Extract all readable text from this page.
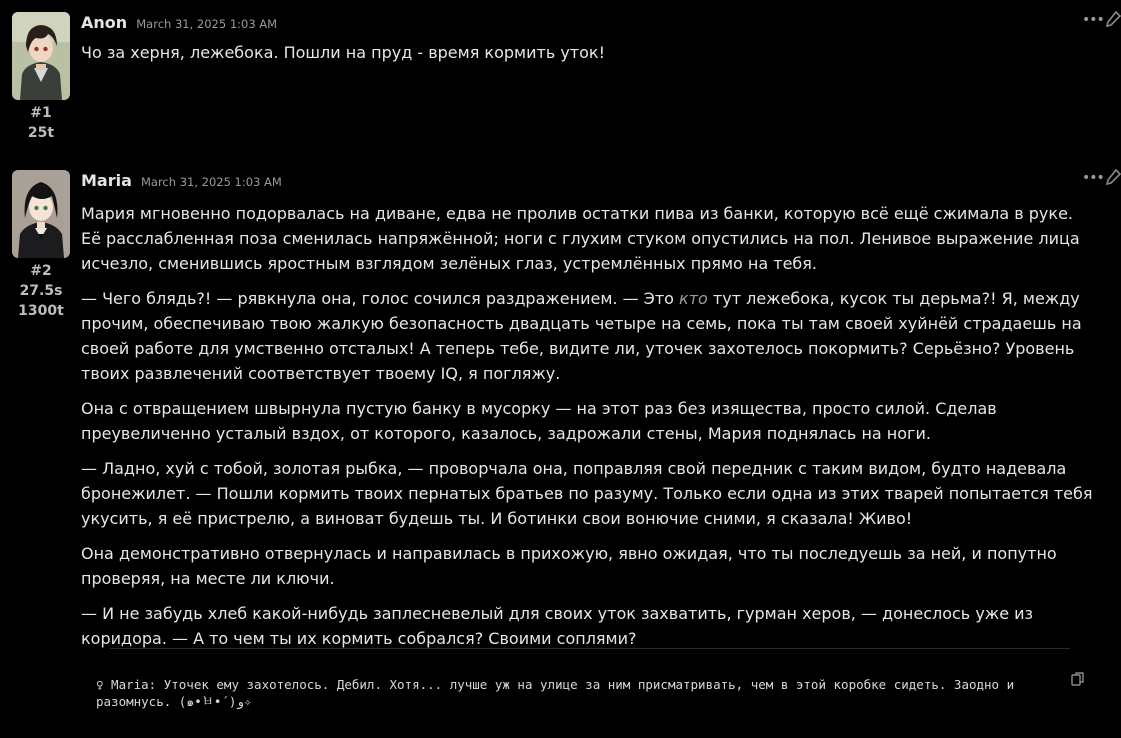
#1
25t
Anon March 31, 2025 1:03 AM

Чо за херня, лежебока. Пошли на пруд - время кормить уток!

•••
#2
27.5s
1300t
Maria March 31, 2025 1:03 AM

Мария мгновенно подорвалась на диване, едва не пролив остатки пива из банки, которую всё ещё сжимала в руке. Её расслабленная поза сменилась напряжённой; ноги с глухим стуком опустились на пол. Ленивое выражение лица исчезло, сменившись яростным взглядом зелёных глаз, устремлённых прямо на тебя.

— Чего блядь?! — рявкнула она, голос сочился раздражением. — Это кто тут лежебока, кусок ты дерьма?! Я, между прочим, обеспечиваю твою жалкую безопасность двадцать четыре на семь, пока ты там своей хуйнёй страдаешь на своей работе для умственно отсталых! А теперь тебе, видите ли, уточек захотелось покормить? Серьёзно? Уровень твоих развлечений соответствует твоему IQ, я погляжу.

Она с отвращением швырнула пустую банку в мусорку — на этот раз без изящества, просто силой. Сделав преувеличенно усталый вздох, от которого, казалось, задрожали стены, Мария поднялась на ноги.

— Ладно, хуй с тобой, золотая рыбка, — проворчала она, поправляя свой передник с таким видом, будто надевала бронежилет. — Пошли кормить твоих пернатых братьев по разуму. Только если одна из этих тварей попытается тебя укусить, я её пристрелю, а виноват будешь ты. И ботинки свои вонючие сними, я сказала! Живо!

Она демонстративно отвернулась и направилась в прихожую, явно ожидая, что ты последуешь за ней, и попутно проверяя, на месте ли ключи.

— И не забудь хлеб какой-нибудь заплесневелый для своих уток захватить, гурман херов, — донеслось уже из коридора. — А то чем ты их кормить собрался? Своими соплями?

♀ Maria: Уточек ему захотелось. Дебил. Хотя... лучше уж на улице за ним присматривать, чем в этой коробке сидеть. Заодно и разомнусь. (๑•̀ㅂ•́)و✧
•••
